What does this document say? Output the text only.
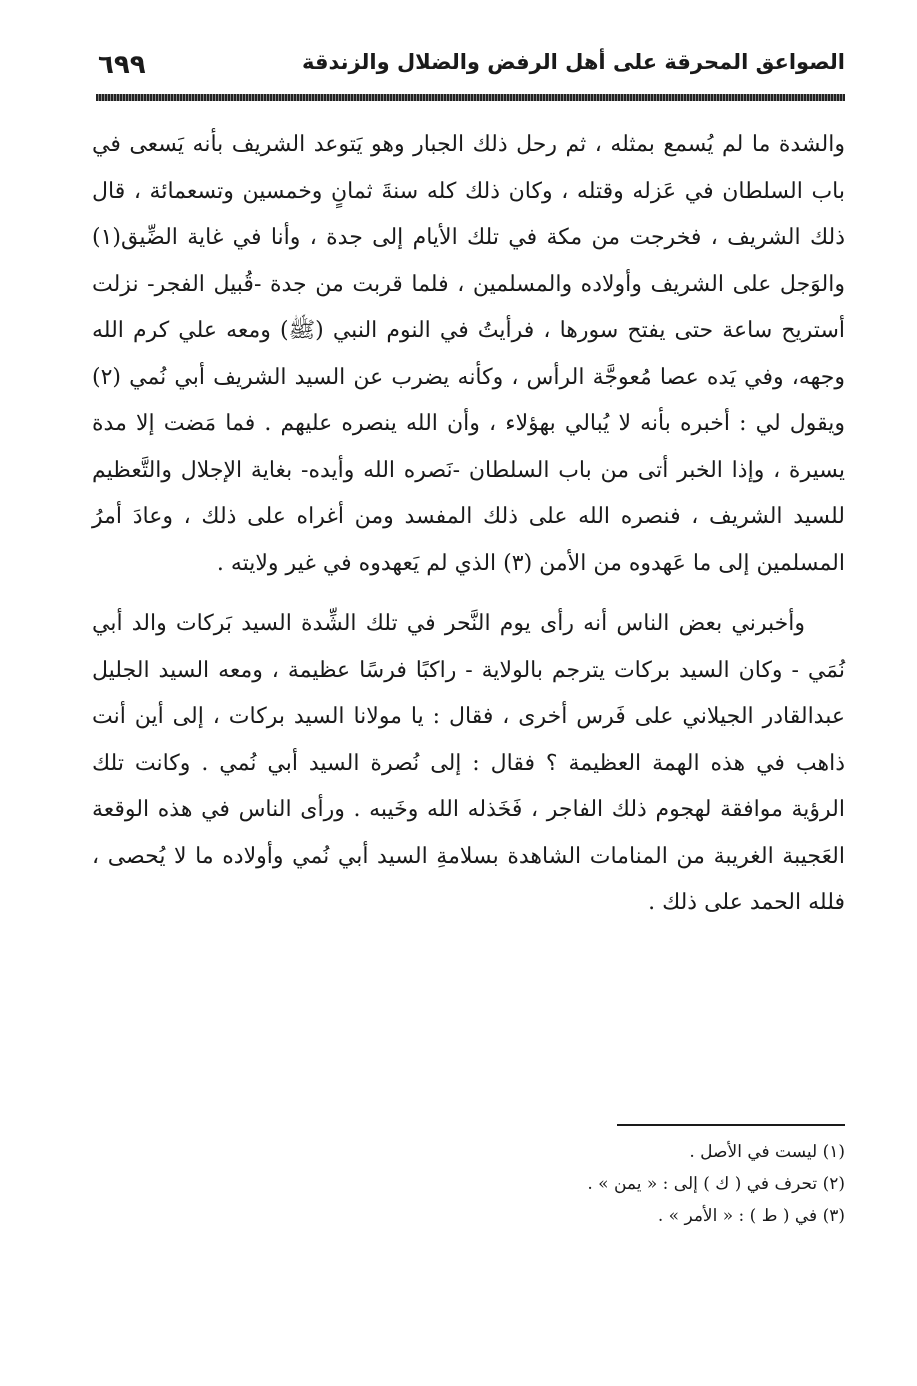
الصواعق المحرقة على أهل الرفض والضلال والزندقة
٦٩٩

والشدة ما لم يُسمع بمثله ، ثم رحل ذلك الجبار وهو يَتوعد الشريف بأنه يَسعى في باب السلطان في عَزله وقتله ، وكان ذلك كله سنةَ ثمانٍ وخمسين وتسعمائة ، قال ذلك الشريف ، فخرجت من مكة في تلك الأيام إلى جدة ، وأنا في غاية الضِّيق(١) والوَجل على الشريف وأولاده والمسلمين ، فلما قربت من جدة -قُبيل الفجر- نزلت أستريح ساعة حتى يفتح سورها ، فرأيتُ في النوم النبي (ﷺ) ومعه علي كرم الله وجهه، وفي يَده عصا مُعوجَّة الرأس ، وكأنه يضرب عن السيد الشريف أبي نُمي (٢) ويقول لي : أخبره بأنه لا يُبالي بهؤلاء ، وأن الله ينصره عليهم . فما مَضت إلا مدة يسيرة ، وإذا الخبر أتى من باب السلطان -نَصره الله وأيده- بغاية الإجلال والتَّعظيم للسيد الشريف ، فنصره الله على ذلك المفسد ومن أغراه على ذلك ، وعادَ أمرُ المسلمين إلى ما عَهدوه من الأمن (٣) الذي لم يَعهدوه في غير ولايته .

وأخبرني بعض الناس أنه رأى يوم النَّحر في تلك الشِّدة السيد بَركات والد أبي نُمَي - وكان السيد بركات يترجم بالولاية - راكبًا فرسًا عظيمة ، ومعه السيد الجليل عبدالقادر الجيلاني على فَرس أخرى ، فقال : يا مولانا السيد بركات ، إلى أين أنت ذاهب في هذه الهمة العظيمة ؟ فقال : إلى نُصرة السيد أبي نُمي . وكانت تلك الرؤية موافقة لهجوم ذلك الفاجر ، فَخَذله الله وخَيبه . ورأى الناس في هذه الوقعة العَجيبة الغريبة من المنامات الشاهدة بسلامةِ السيد أبي نُمي وأولاده ما لا يُحصى ، فلله الحمد على ذلك .

(١) ليست في الأصل .
(٢) تحرف في ( ك ) إلى : « يمن » .
(٣) في ( ط ) : « الأمر » .
